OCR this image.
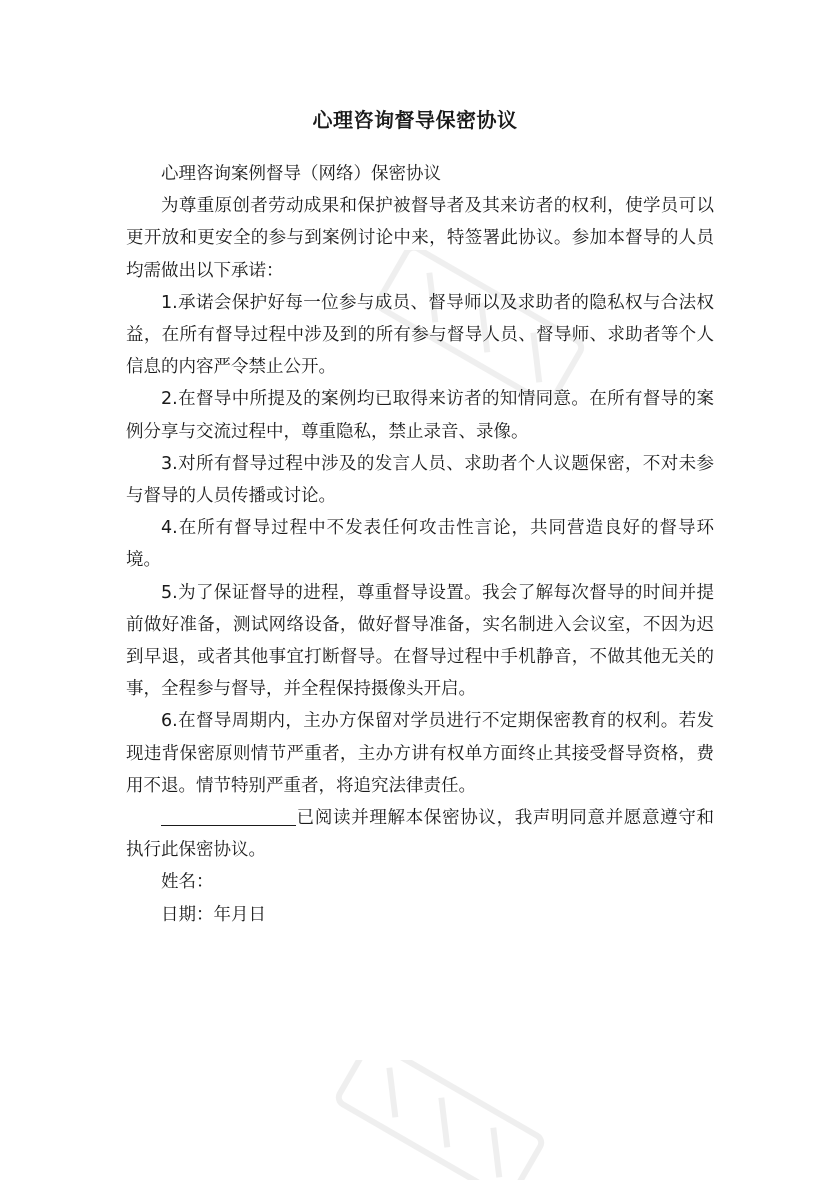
心理咨询督导保密协议

心理咨询案例督导（网络）保密协议

为尊重原创者劳动成果和保护被督导者及其来访者的权利，使学员可以更开放和更安全的参与到案例讨论中来，特签署此协议。参加本督导的人员均需做出以下承诺：

1.承诺会保护好每一位参与成员、督导师以及求助者的隐私权与合法权益，在所有督导过程中涉及到的所有参与督导人员、督导师、求助者等个人信息的内容严令禁止公开。

2.在督导中所提及的案例均已取得来访者的知情同意。在所有督导的案例分享与交流过程中，尊重隐私，禁止录音、录像。

3.对所有督导过程中涉及的发言人员、求助者个人议题保密，不对未参与督导的人员传播或讨论。

4.在所有督导过程中不发表任何攻击性言论，共同营造良好的督导环境。

5.为了保证督导的进程，尊重督导设置。我会了解每次督导的时间并提前做好准备，测试网络设备，做好督导准备，实名制进入会议室，不因为迟到早退，或者其他事宜打断督导。在督导过程中手机静音，不做其他无关的事，全程参与督导，并全程保持摄像头开启。

6.在督导周期内，主办方保留对学员进行不定期保密教育的权利。若发现违背保密原则情节严重者，主办方讲有权单方面终止其接受督导资格，费用不退。情节特别严重者，将追究法律责任。

已阅读并理解本保密协议，我声明同意并愿意遵守和执行此保密协议。

姓名：

日期：年月日
